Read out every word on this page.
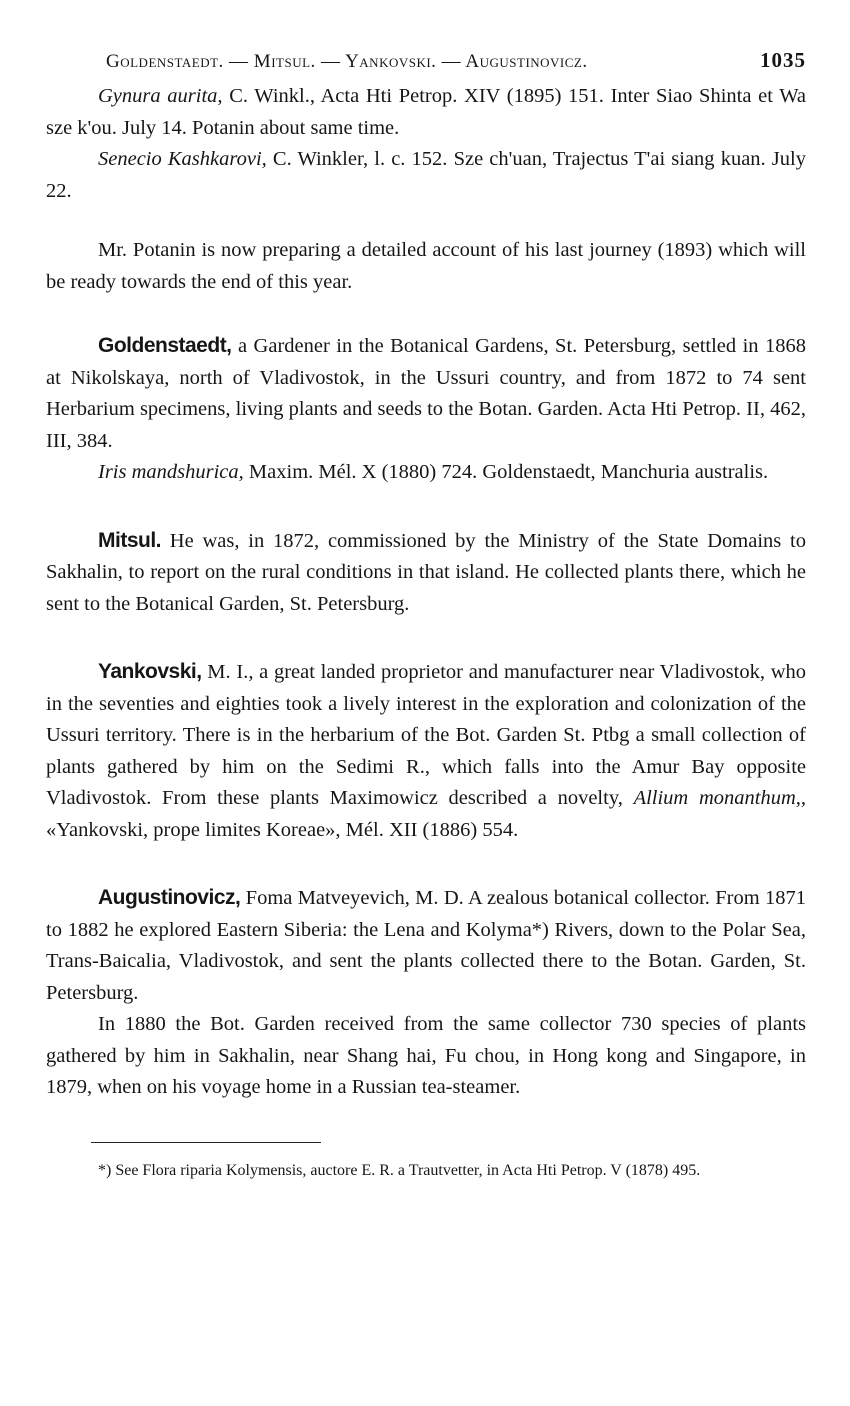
Goldenstaedt. — Mitsul. — Yankovski. — Augustinovicz.	1035

Gynura aurita, C. Winkl., Acta Hti Petrop. XIV (1895) 151. Inter Siao Shinta et Wa sze k'ou. July 14. Potanin about same time.

Senecio Kashkarovi, C. Winkler, l. c. 152. Sze ch'uan, Trajectus T'ai siang kuan. July 22.

Mr. Potanin is now preparing a detailed account of his last journey (1893) which will be ready towards the end of this year.

Goldenstaedt, a Gardener in the Botanical Gardens, St. Petersburg, settled in 1868 at Nikolskaya, north of Vladivostok, in the Ussuri country, and from 1872 to 74 sent Herbarium specimens, living plants and seeds to the Botan. Garden. Acta Hti Petrop. II, 462, III, 384.

Iris mandshurica, Maxim. Mél. X (1880) 724. Goldenstaedt, Manchuria australis.

Mitsul. He was, in 1872, commissioned by the Ministry of the State Domains to Sakhalin, to report on the rural conditions in that island. He collected plants there, which he sent to the Botanical Garden, St. Petersburg.

Yankovski, M. I., a great landed proprietor and manufacturer near Vladivostok, who in the seventies and eighties took a lively interest in the exploration and colonization of the Ussuri territory. There is in the herbarium of the Bot. Garden St. Ptbg a small collection of plants gathered by him on the Sedimi R., which falls into the Amur Bay opposite Vladivostok. From these plants Maximowicz described a novelty, Allium monanthum,, «Yankovski, prope limites Koreae», Mél. XII (1886) 554.

Augustinovicz, Foma Matveyevich, M. D. A zealous botanical collector. From 1871 to 1882 he explored Eastern Siberia: the Lena and Kolyma*) Rivers, down to the Polar Sea, Trans-Baicalia, Vladivostok, and sent the plants collected there to the Botan. Garden, St. Petersburg.

In 1880 the Bot. Garden received from the same collector 730 species of plants gathered by him in Sakhalin, near Shang hai, Fu chou, in Hong kong and Singapore, in 1879, when on his voyage home in a Russian tea-steamer.

*) See Flora riparia Kolymensis, auctore E. R. a Trautvetter, in Acta Hti Petrop. V (1878) 495.
